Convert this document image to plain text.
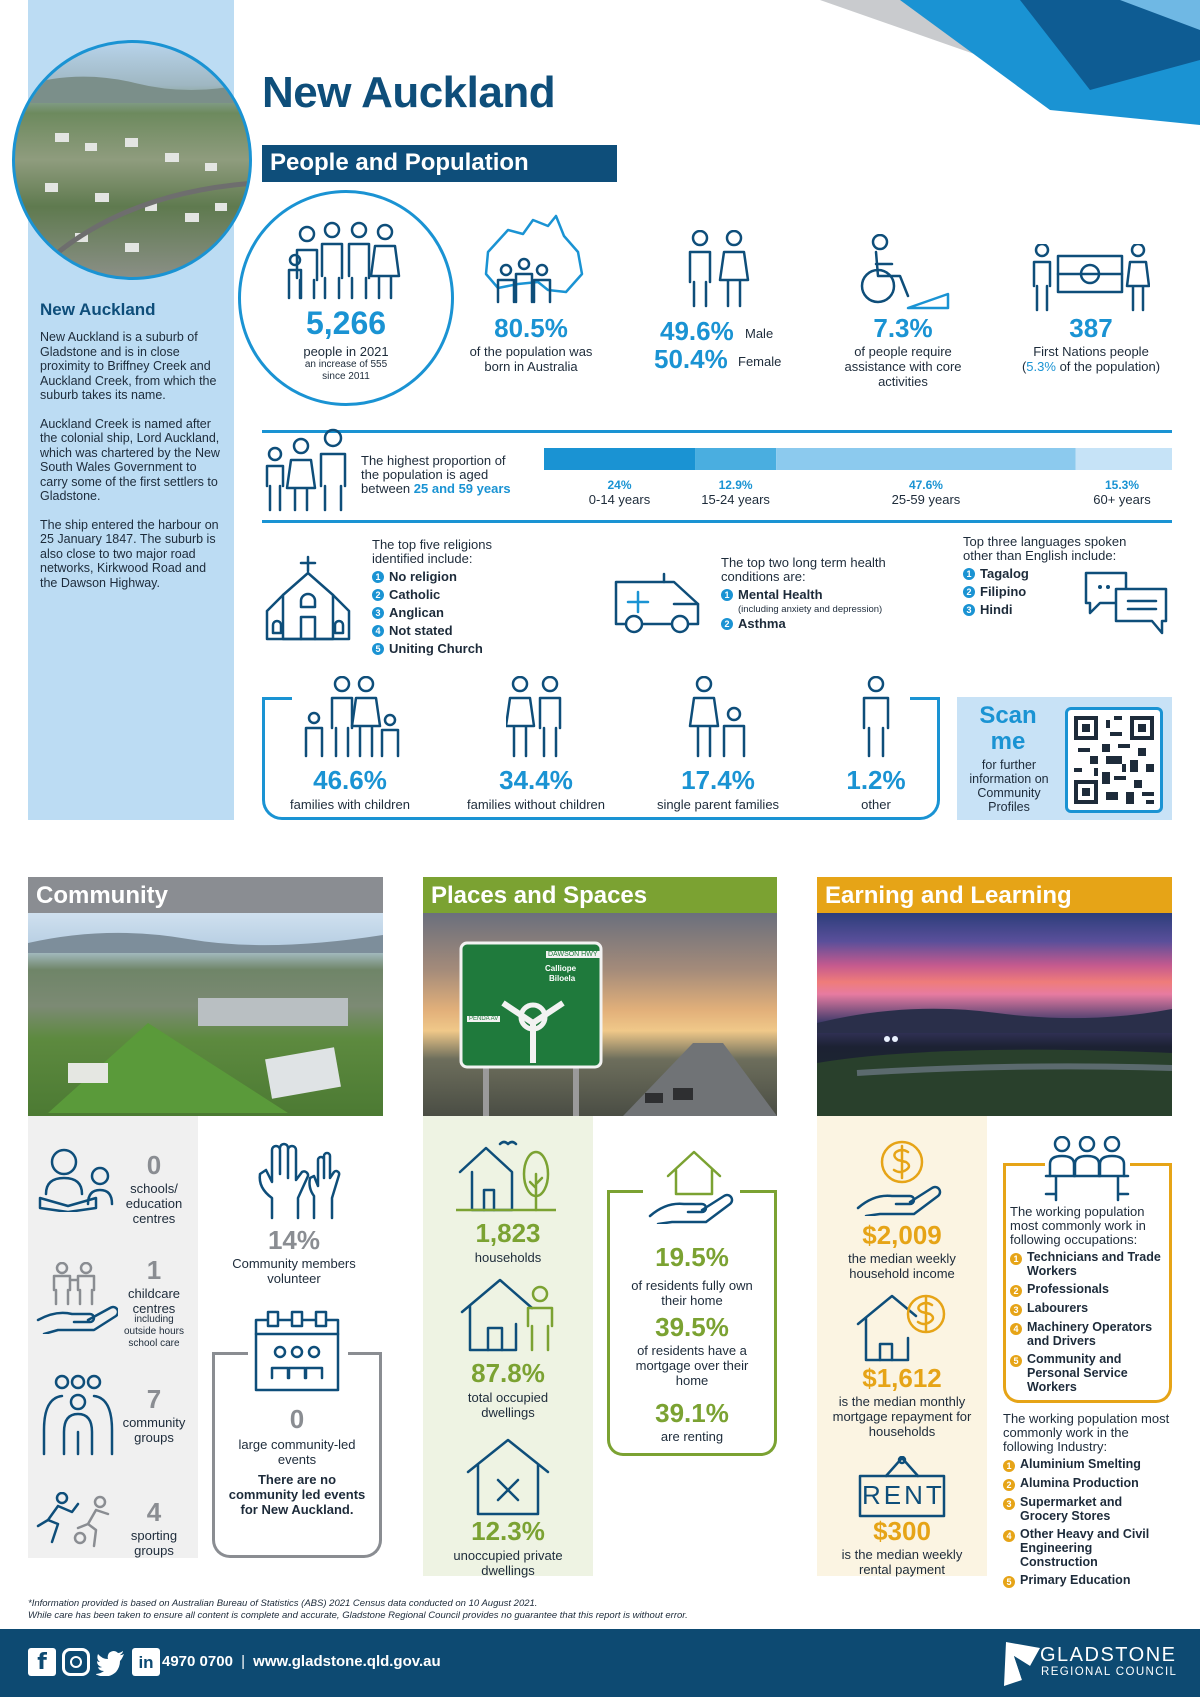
New Auckland

New Auckland is a suburb of Gladstone and is in close proximity to Briffney Creek and Auckland Creek, from which the suburb takes its name.

Auckland Creek is named after the colonial ship, Lord Auckland, which was chartered by the New South Wales Government to carry some of the first settlers to Gladstone.

The ship entered the harbour on 25 January 1847. The suburb is also close to two major road networks, Kirkwood Road and the Dawson Highway.

New Auckland
People and Population
5,266
people in 2021
an increase of 555 since 2011
80.5%
of the population was born in Australia
49.6% Male
50.4% Female
7.3%
of people require assistance with core activities
387
First Nations people
(5.3% of the population)
The highest proportion of the population is aged between 25 and 59 years	24%
0-14 years
12.9%
15-24 years
47.6%
25-59 years
15.3%
60+ years
The top five religions identified include:
1 No religion
2 Catholic
3 Anglican
4 Not stated
5 Uniting Church
The top two long term health conditions are:
1 Mental Health
(including anxiety and depression)
2 Asthma
Top three languages spoken other than English include:
1 Tagalog
2 Filipino
3 Hindi
46.6%
families with children
34.4%
families without children
17.4%
single parent families
1.2%
other
Scan me
for further information on Community Profiles
Community
0
schools/ education centres
1
childcare centres
including outside hours school care
7
community groups
4
sporting groups
14%
Community members volunteer
0
large community-led events
There are no community led events for New Auckland.
Places and Spaces
DAWSON HWY
Calliope
Biloela
PENDA AV
1,823
households
87.8%
total occupied dwellings
12.3%
unoccupied private dwellings
19.5%
of residents fully own their home
39.5%
of residents have a mortgage over their home
39.1%
are renting
Earning and Learning
$2,009
the median weekly household income
$1,612
is the median monthly mortgage repayment for households
RENT
$300
is the median weekly rental payment
The working population most commonly work in following occupations:
1 Technicians and Trade Workers
2 Professionals
3 Labourers
4 Machinery Operators and Drivers
5 Community and Personal Service Workers
The working population most commonly work in the following Industry:
1 Aluminium Smelting
2 Alumina Production
3 Supermarket and Grocery Stores
4 Other Heavy and Civil Engineering Construction
5 Primary Education
*Information provided is based on Australian Bureau of Statistics (ABS) 2021 Census data conducted on 10 August 2021.
While care has been taken to ensure all content is complete and accurate, Gladstone Regional Council provides no guarantee that this report is without error.
f	in 4970 0700 | www.gladstone.qld.gov.au	GLADSTONE
REGIONAL COUNCIL
